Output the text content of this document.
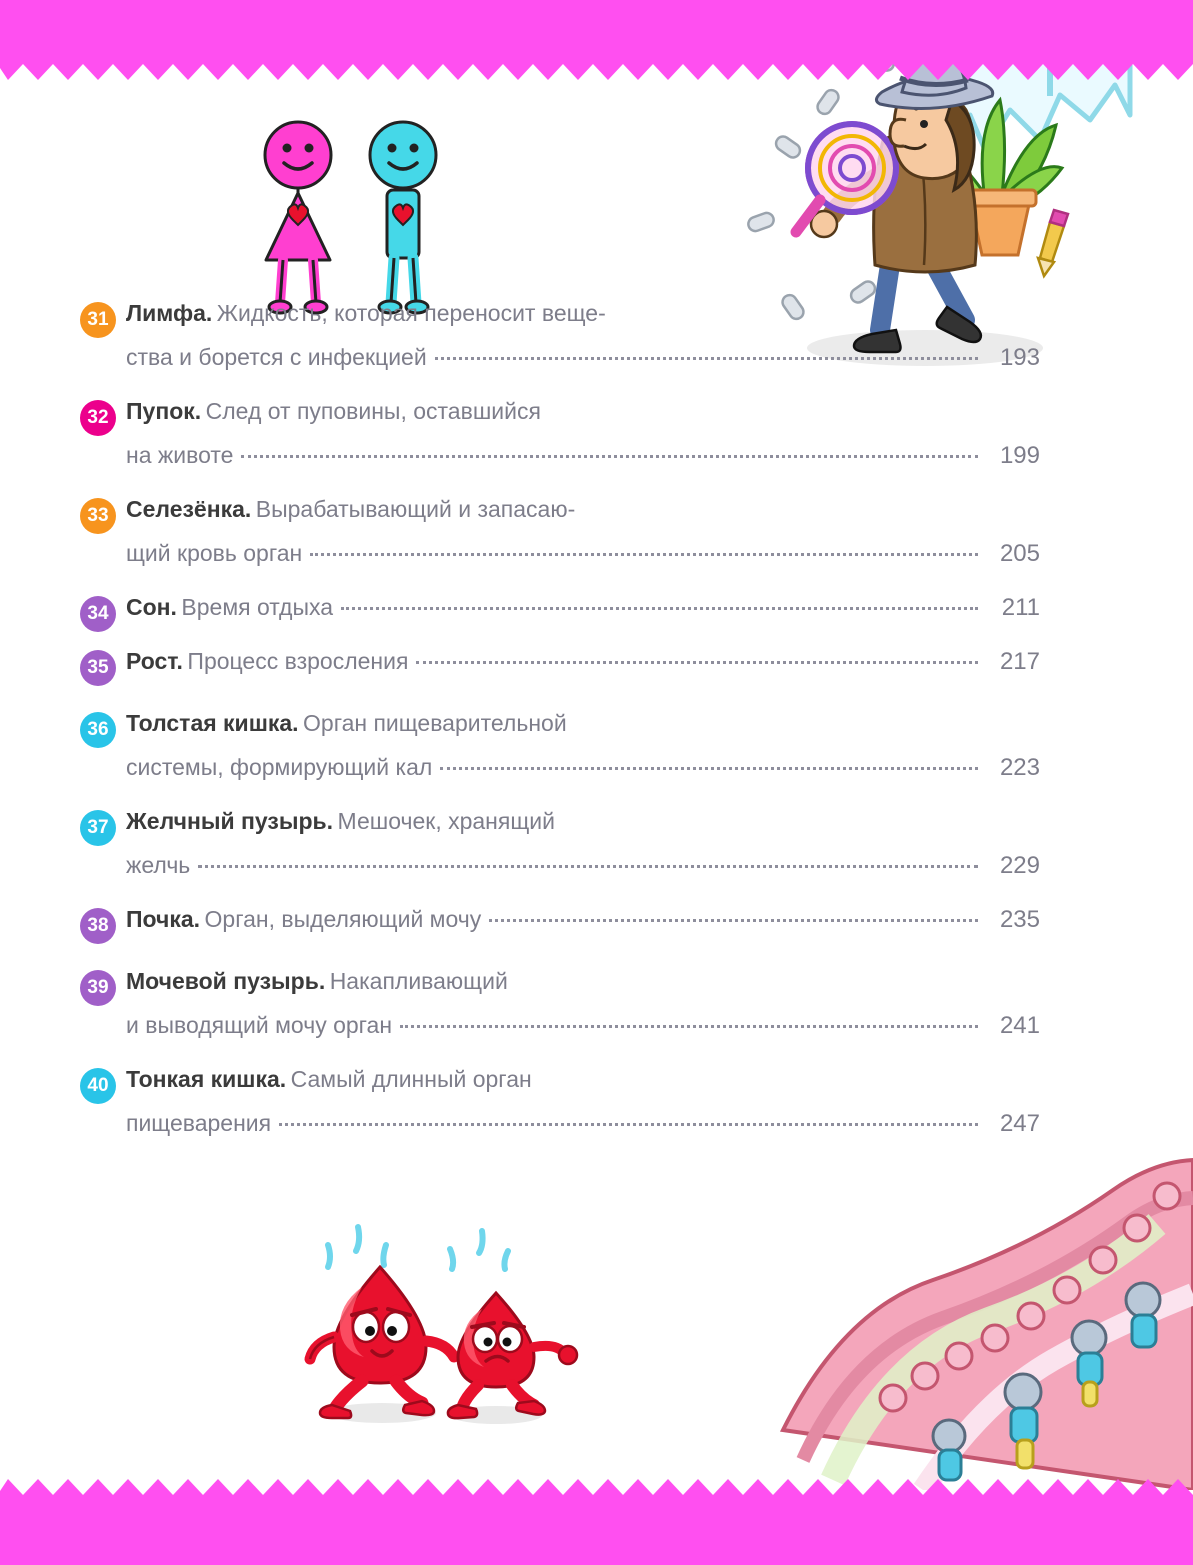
31 Лимфа. Жидкость, которая переносит веще-
ства и борется с инфекцией	193
32 Пупок. След от пуповины, оставшийся
на животе	199
33 Селезёнка. Вырабатывающий и запасаю-
щий кровь орган	205
34 Сон. Время отдыха	211
35 Рост. Процесс взросления	217
36 Толстая кишка. Орган пищеварительной
системы, формирующий кал	223
37 Желчный пузырь. Мешочек, хранящий
желчь	229
38 Почка. Орган, выделяющий мочу	235
39 Мочевой пузырь. Накапливающий
и выводящий мочу орган	241
40 Тонкая кишка. Самый длинный орган
пищеварения	247
